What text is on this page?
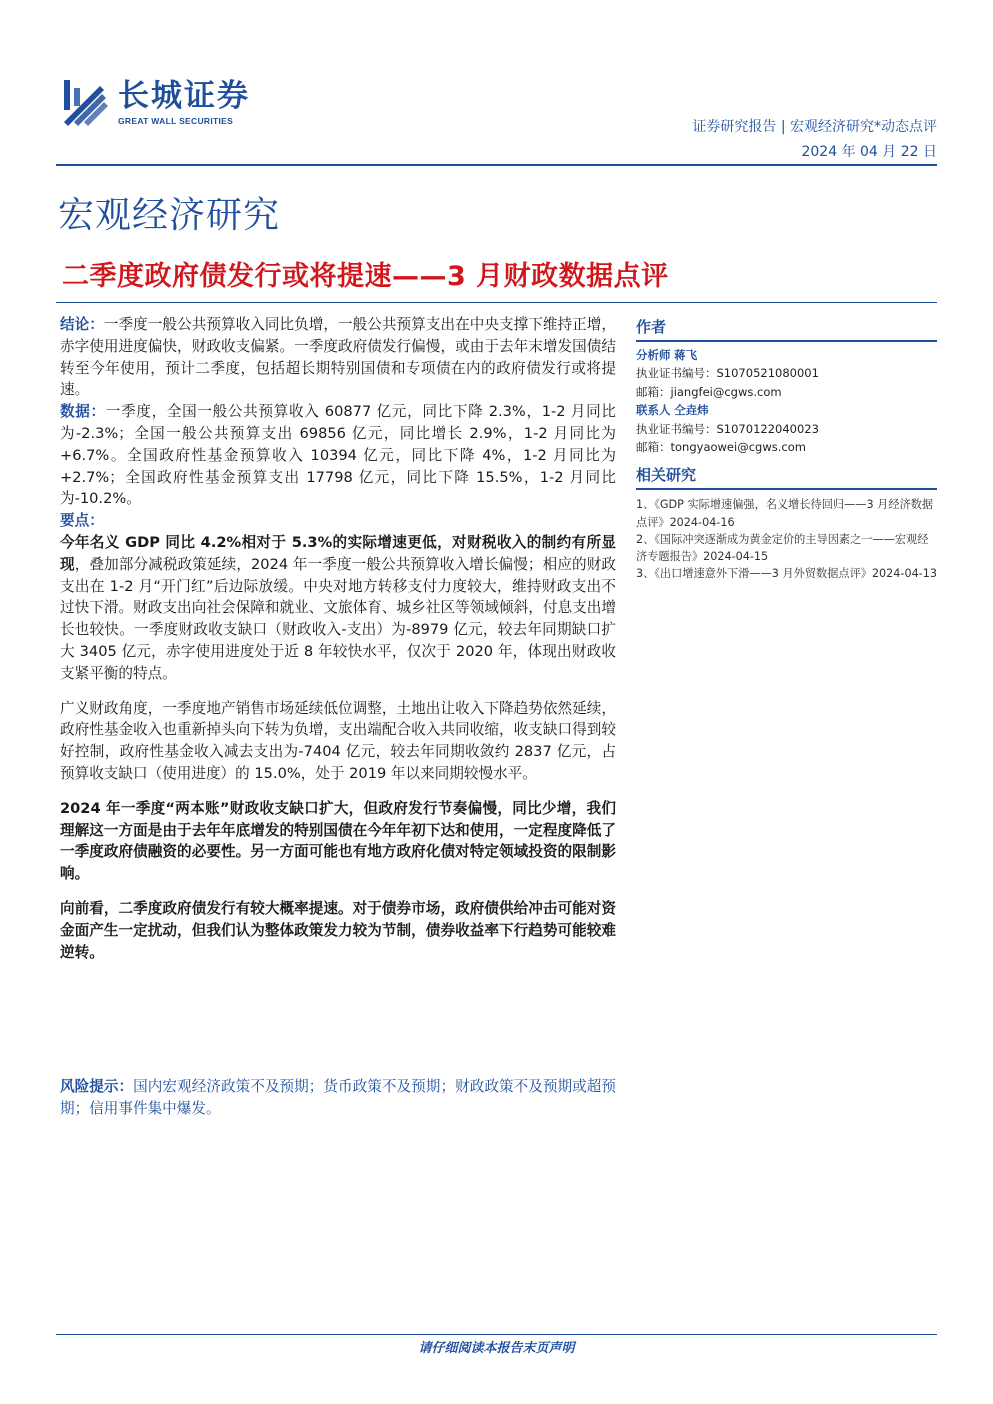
长城证券
GREAT WALL SECURITIES	证券研究报告 | 宏观经济研究*动态点评
2024 年 04 月 22 日
宏观经济研究
二季度政府债发行或将提速——3 月财政数据点评

结论：一季度一般公共预算收入同比负增，一般公共预算支出在中央支撑下维持正增，赤字使用进度偏快，财政收支偏紧。一季度政府债发行偏慢，或由于去年末增发国债结转至今年使用，预计二季度，包括超长期特别国债和专项债在内的政府债发行或将提速。

数据：一季度，全国一般公共预算收入 60877 亿元，同比下降 2.3%，1-2 月同比为-2.3%；全国一般公共预算支出 69856 亿元，同比增长 2.9%，1-2 月同比为+6.7%。全国政府性基金预算收入 10394 亿元，同比下降 4%，1-2 月同比为+2.7%；全国政府性基金预算支出 17798 亿元，同比下降 15.5%，1-2 月同比为-10.2%。

要点：

今年名义 GDP 同比 4.2%相对于 5.3%的实际增速更低，对财税收入的制约有所显现，叠加部分减税政策延续，2024 年一季度一般公共预算收入增长偏慢；相应的财政支出在 1-2 月“开门红”后边际放缓。中央对地方转移支付力度较大，维持财政支出不过快下滑。财政支出向社会保障和就业、文旅体育、城乡社区等领域倾斜，付息支出增长也较快。一季度财政收支缺口（财政收入-支出）为-8979 亿元，较去年同期缺口扩大 3405 亿元，赤字使用进度处于近 8 年较快水平，仅次于 2020 年，体现出财政收支紧平衡的特点。

广义财政角度，一季度地产销售市场延续低位调整，土地出让收入下降趋势依然延续，政府性基金收入也重新掉头向下转为负增，支出端配合收入共同收缩，收支缺口得到较好控制，政府性基金收入减去支出为-7404 亿元，较去年同期收敛约 2837 亿元，占预算收支缺口（使用进度）的 15.0%，处于 2019 年以来同期较慢水平。

2024 年一季度“两本账”财政收支缺口扩大，但政府发行节奏偏慢，同比少增，我们理解这一方面是由于去年年底增发的特别国债在今年年初下达和使用，一定程度降低了一季度政府债融资的必要性。另一方面可能也有地方政府化债对特定领域投资的限制影响。

向前看，二季度政府债发行有较大概率提速。对于债券市场，政府债供给冲击可能对资金面产生一定扰动，但我们认为整体政策发力较为节制，债券收益率下行趋势可能较难逆转。

风险提示：国内宏观经济政策不及预期；货币政策不及预期；财政政策不及预期或超预期；信用事件集中爆发。
作者
分析师 蒋飞
执业证书编号：S1070521080001
邮箱：jiangfei@cgws.com
联系人 仝垚炜
执业证书编号：S1070122040023
邮箱：tongyaowei@cgws.com
相关研究
1、《GDP 实际增速偏强，名义增长待回归——3 月经济数据点评》2024-04-16
2、《国际冲突逐渐成为黄金定价的主导因素之一——宏观经济专题报告》2024-04-15
3、《出口增速意外下滑——3 月外贸数据点评》2024-04-13
请仔细阅读本报告末页声明
